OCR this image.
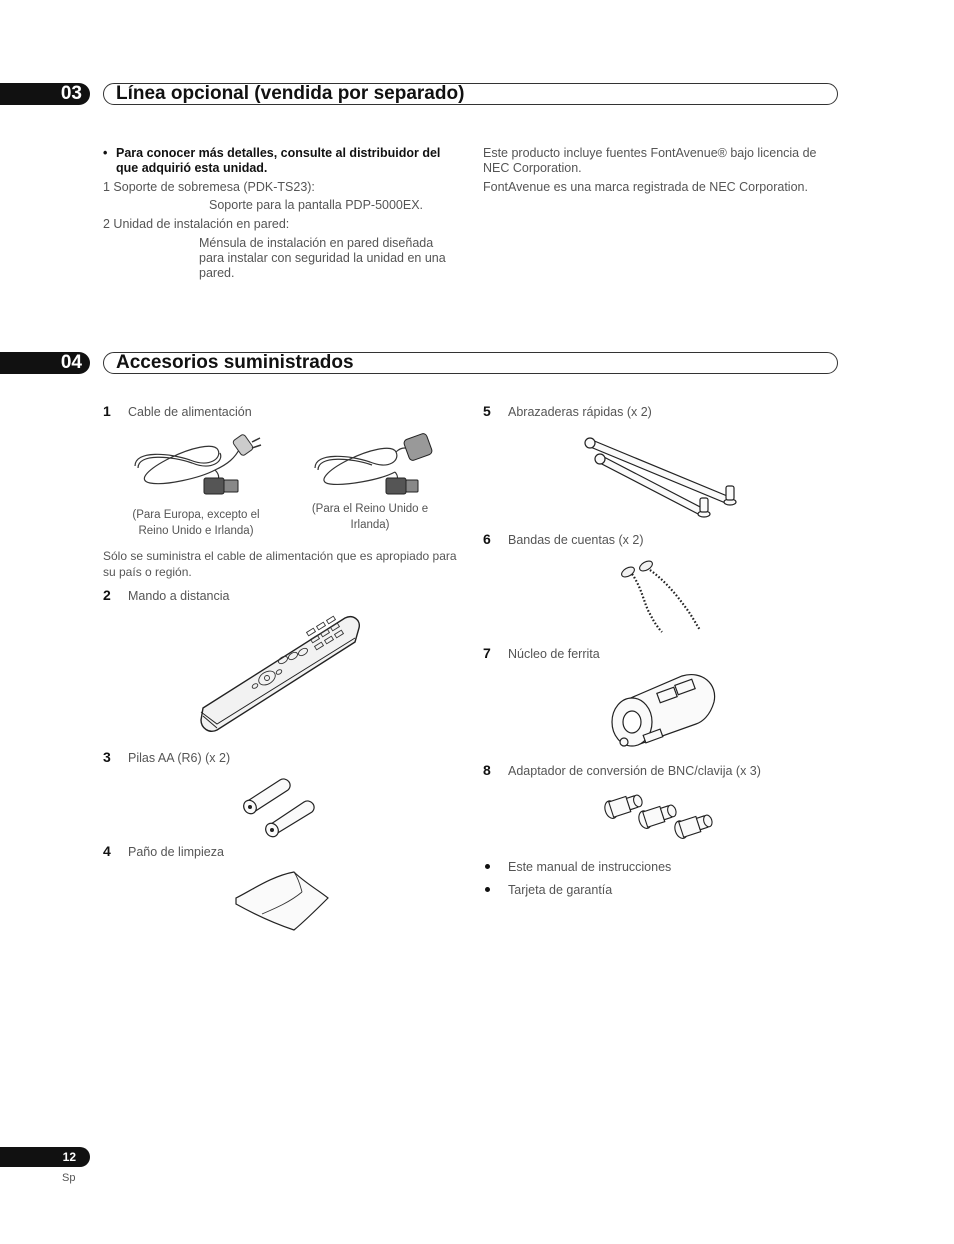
03	Línea opcional (vendida por separado)
• Para conocer más detalles, consulte al distribuidor del que adquirió esta unidad.
1 Soporte de sobremesa (PDK-TS23):
Soporte para la pantalla PDP-5000EX.
2 Unidad de instalación en pared:
Ménsula de instalación en pared diseñada para instalar con seguridad la unidad en una pared.
Este producto incluye fuentes FontAvenue® bajo licencia de NEC Corporation.
FontAvenue es una marca registrada de NEC Corporation.
04	Accesorios suministrados
1 Cable de alimentación
(Para Europa, excepto el Reino Unido e Irlanda)
(Para el Reino Unido e Irlanda)
Sólo se suministra el cable de alimentación que es apropiado para su país o región.
2 Mando a distancia
3 Pilas AA (R6) (x 2)
4 Paño de limpieza
5 Abrazaderas rápidas (x 2)
6 Bandas de cuentas (x 2)
7 Núcleo de ferrita
8 Adaptador de conversión de BNC/clavija (x 3)
Este manual de instrucciones
Tarjeta de garantía
12
Sp
